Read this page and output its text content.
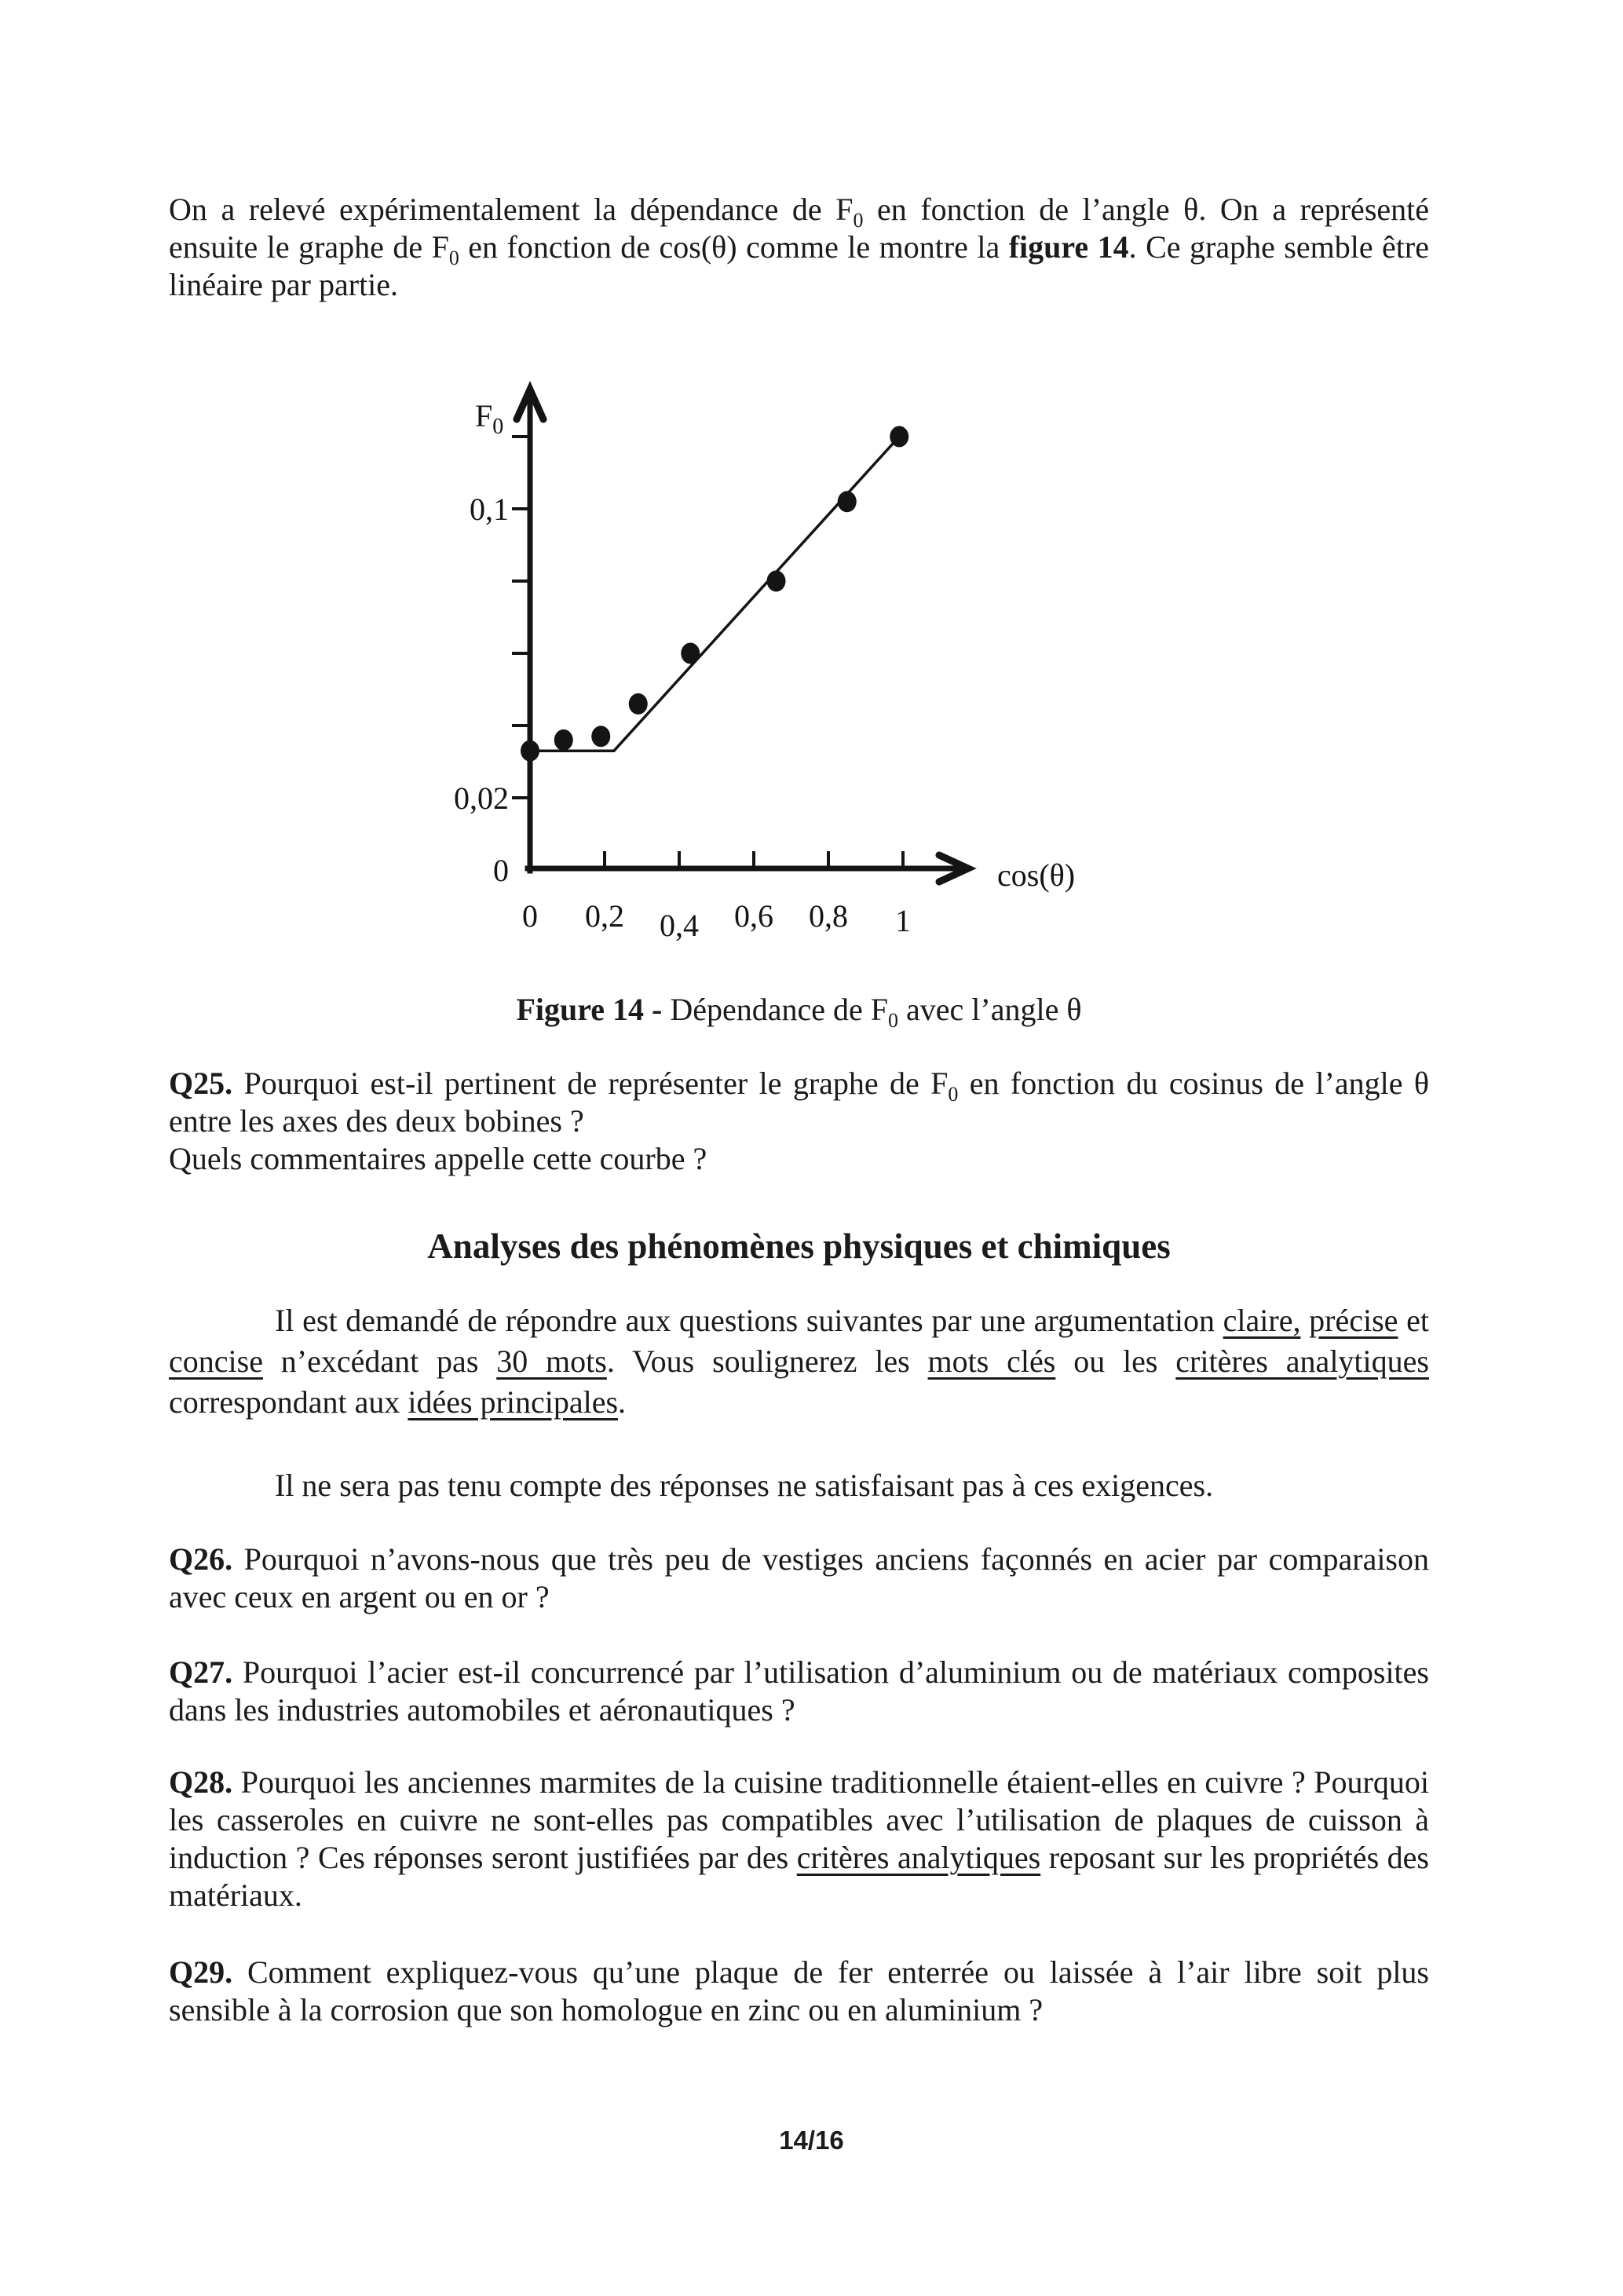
On a relevé expérimentalement la dépendance de $F_0$ en fonction de l’angle θ. On a représenté ensuite le graphe de $F_0$ en fonction de cos(θ) comme le montre la figure 14. Ce graphe semble être linéaire par partie.

0
0,02
0,1
0 0,2 0,4 0,6 0,8 1
$F_0$
cos(θ)

Figure 14 - Dépendance de $F_0$ avec l’angle θ

Q25. Pourquoi est-il pertinent de représenter le graphe de $F_0$ en fonction du cosinus de l’angle θ entre les axes des deux bobines ?

Quels commentaires appelle cette courbe ?

Analyses des phénomènes physiques et chimiques

Il est demandé de répondre aux questions suivantes par une argumentation claire, précise et concise n’excédant pas 30 mots. Vous soulignerez les mots clés ou les critères analytiques correspondant aux idées principales.

Il ne sera pas tenu compte des réponses ne satisfaisant pas à ces exigences.

Q26. Pourquoi n’avons-nous que très peu de vestiges anciens façonnés en acier par comparaison avec ceux en argent ou en or ?

Q27. Pourquoi l’acier est-il concurrencé par l’utilisation d’aluminium ou de matériaux composites dans les industries automobiles et aéronautiques ?

Q28. Pourquoi les anciennes marmites de la cuisine traditionnelle étaient-elles en cuivre ? Pourquoi les casseroles en cuivre ne sont-elles pas compatibles avec l’utilisation de plaques de cuisson à induction ? Ces réponses seront justifiées par des critères analytiques reposant sur les propriétés des matériaux.

Q29. Comment expliquez-vous qu’une plaque de fer enterrée ou laissée à l’air libre soit plus sensible à la corrosion que son homologue en zinc ou en aluminium ?

14/16
